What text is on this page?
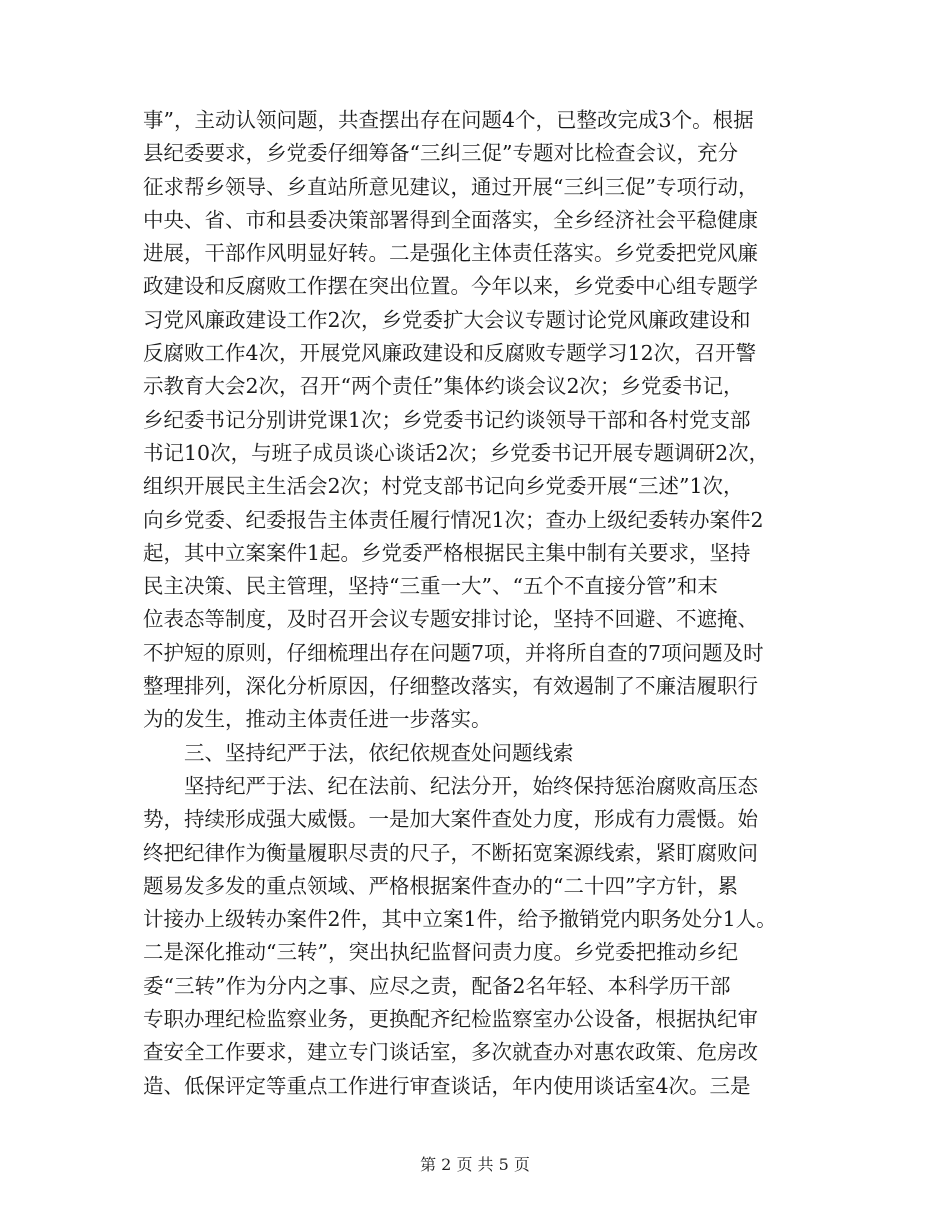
事”，主动认领问题，共查摆出存在问题4个，已整改完成3个。根据
县纪委要求，乡党委仔细筹备“三纠三促”专题对比检查会议，充分
征求帮乡领导、乡直站所意见建议，通过开展“三纠三促”专项行动，
中央、省、市和县委决策部署得到全面落实，全乡经济社会平稳健康
进展，干部作风明显好转。二是强化主体责任落实。乡党委把党风廉
政建设和反腐败工作摆在突出位置。今年以来，乡党委中心组专题学
习党风廉政建设工作2次，乡党委扩大会议专题讨论党风廉政建设和
反腐败工作4次，开展党风廉政建设和反腐败专题学习12次，召开警
示教育大会2次，召开“两个责任”集体约谈会议2次；乡党委书记，
乡纪委书记分别讲党课1次；乡党委书记约谈领导干部和各村党支部
书记10次，与班子成员谈心谈话2次；乡党委书记开展专题调研2次，
组织开展民主生活会2次；村党支部书记向乡党委开展“三述”1次，
向乡党委、纪委报告主体责任履行情况1次；查办上级纪委转办案件2
起，其中立案案件1起。乡党委严格根据民主集中制有关要求，坚持
民主决策、民主管理，坚持“三重一大”、“五个不直接分管”和末
位表态等制度，及时召开会议专题安排讨论，坚持不回避、不遮掩、
不护短的原则，仔细梳理出存在问题7项，并将所自查的7项问题及时
整理排列，深化分析原因，仔细整改落实，有效遏制了不廉洁履职行
为的发生，推动主体责任进一步落实。
三、坚持纪严于法，依纪依规查处问题线索
坚持纪严于法、纪在法前、纪法分开，始终保持惩治腐败高压态
势，持续形成强大威慑。一是加大案件查处力度，形成有力震慑。始
终把纪律作为衡量履职尽责的尺子，不断拓宽案源线索，紧盯腐败问
题易发多发的重点领域、严格根据案件查办的“二十四”字方针，累
计接办上级转办案件2件，其中立案1件，给予撤销党内职务处分1人。
二是深化推动“三转”，突出执纪监督问责力度。乡党委把推动乡纪
委“三转”作为分内之事、应尽之责，配备2名年轻、本科学历干部
专职办理纪检监察业务，更换配齐纪检监察室办公设备，根据执纪审
查安全工作要求，建立专门谈话室，多次就查办对惠农政策、危房改
造、低保评定等重点工作进行审查谈话，年内使用谈话室4次。三是
第 2 页 共 5 页
